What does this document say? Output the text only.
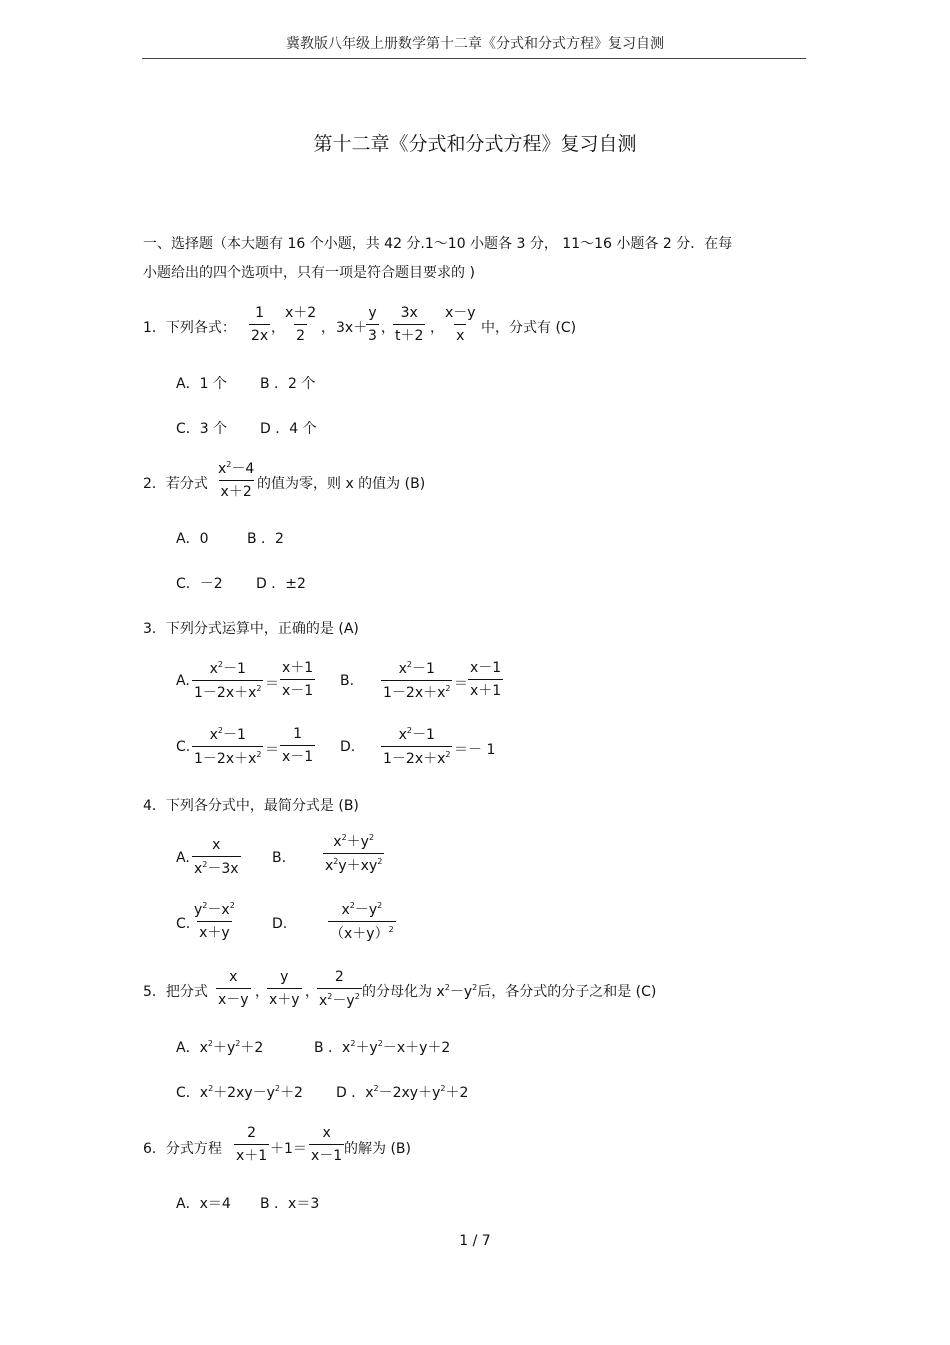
冀教版八年级上册数学第十二章《分式和分式方程》复习自测
第十二章《分式和分式方程》复习自测
一、选择题（本大题有 16 个小题，共 42 分.1～10 小题各 3 分， 11～16 小题各 2 分．在每
小题给出的四个选项中，只有一项是符合题目要求的 )
1．下列各式： $\frac{1}{2x}$ ，
$\frac{x+2}{2}$ ， 3x＋
$\frac{y}{3}$ ，
$\frac{3x}{t+2}$ ， $\frac{x-y}{x}$ 中，分式有 (C)
A．1 个 B ．2 个
C．3 个 D ．4 个
2．若分式 $\frac{x^2-4}{x+2}$ 的值为零，则 x 的值为 (B)
A．0	B ．2
C．－2 D ．±2
3．下列分式运算中，正确的是 (A)
A. $\frac{x^2-1}{1-2x+x^2} = \frac{x+1}{x-1} B$. $\frac{x^2-1}{1-2x+x^2} = \frac{x-1}{x+1}$
C. $\frac{x^2-1}{1-2x+x^2} = \frac{1}{x-1} D$. $\frac{x^2-1}{1-2x+x^2} =- 1$
4．下列各分式中，最简分式是 (B)
A. $\frac{x}{x^2-3x} B$.	$\frac{x^2+y^2}{x^2y+xy^2}$
C. $\frac{y^2-x^2}{x+y}$	D.	$\frac{x^2-y^2}{(x+y)^2}$
5．把分式 $\frac{x}{x-y}$ ，
$\frac{y}{x+y}$ ，
$\frac{2}{x^2-y^2}$ 的分母化为 $x^2-y^2$后，各分式的分子之和是 (C)
A．$x^2+y^2+2$	B ．$x^2+y^2-x+y+2$
C．$x^2+2xy-y^2+2$ D ．$x^2-2xy+y^2+2$
6．分式方程 $\frac{2}{x+1} +1= \frac{x}{x-1}$ 的解为 (B)
A．x＝4 B ．x＝3
1 / 7
